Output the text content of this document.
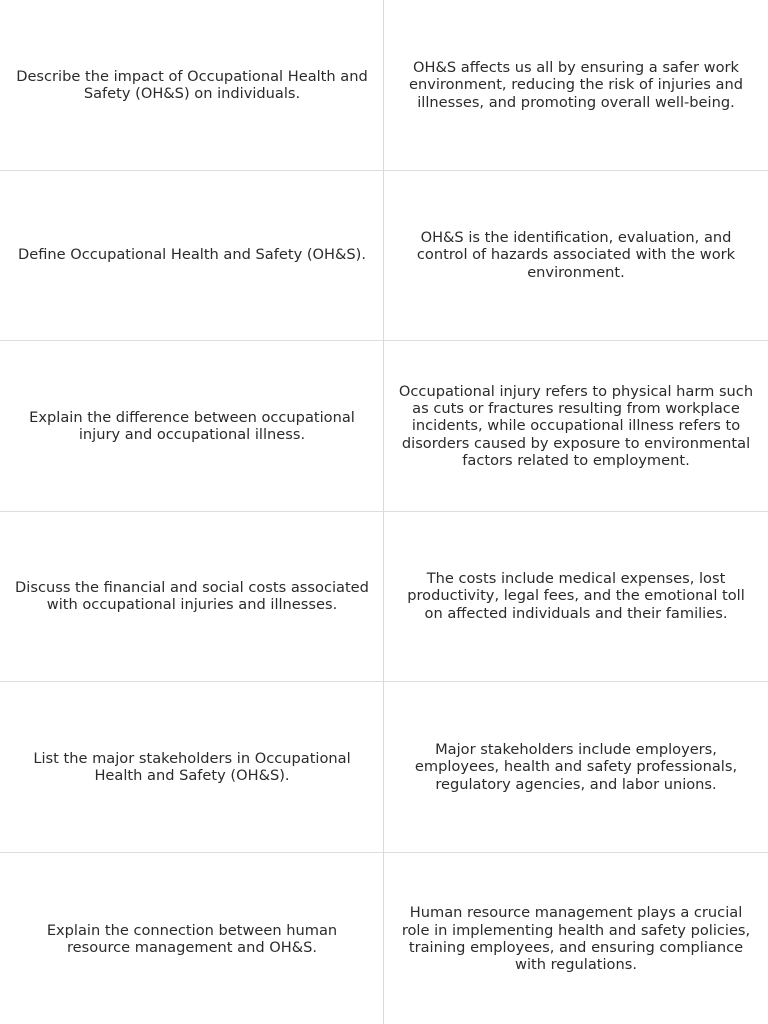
Describe the impact of Occupational Health and Safety (OH&S) on individuals.
OH&S affects us all by ensuring a safer work environment, reducing the risk of injuries and illnesses, and promoting overall well-being.
Define Occupational Health and Safety (OH&S).
OH&S is the identification, evaluation, and control of hazards associated with the work environment.
Explain the difference between occupational injury and occupational illness.
Occupational injury refers to physical harm such as cuts or fractures resulting from workplace incidents, while occupational illness refers to disorders caused by exposure to environmental factors related to employment.
Discuss the financial and social costs associated with occupational injuries and illnesses.
The costs include medical expenses, lost productivity, legal fees, and the emotional toll on affected individuals and their families.
List the major stakeholders in Occupational Health and Safety (OH&S).
Major stakeholders include employers, employees, health and safety professionals, regulatory agencies, and labor unions.
Explain the connection between human resource management and OH&S.
Human resource management plays a crucial role in implementing health and safety policies, training employees, and ensuring compliance with regulations.
